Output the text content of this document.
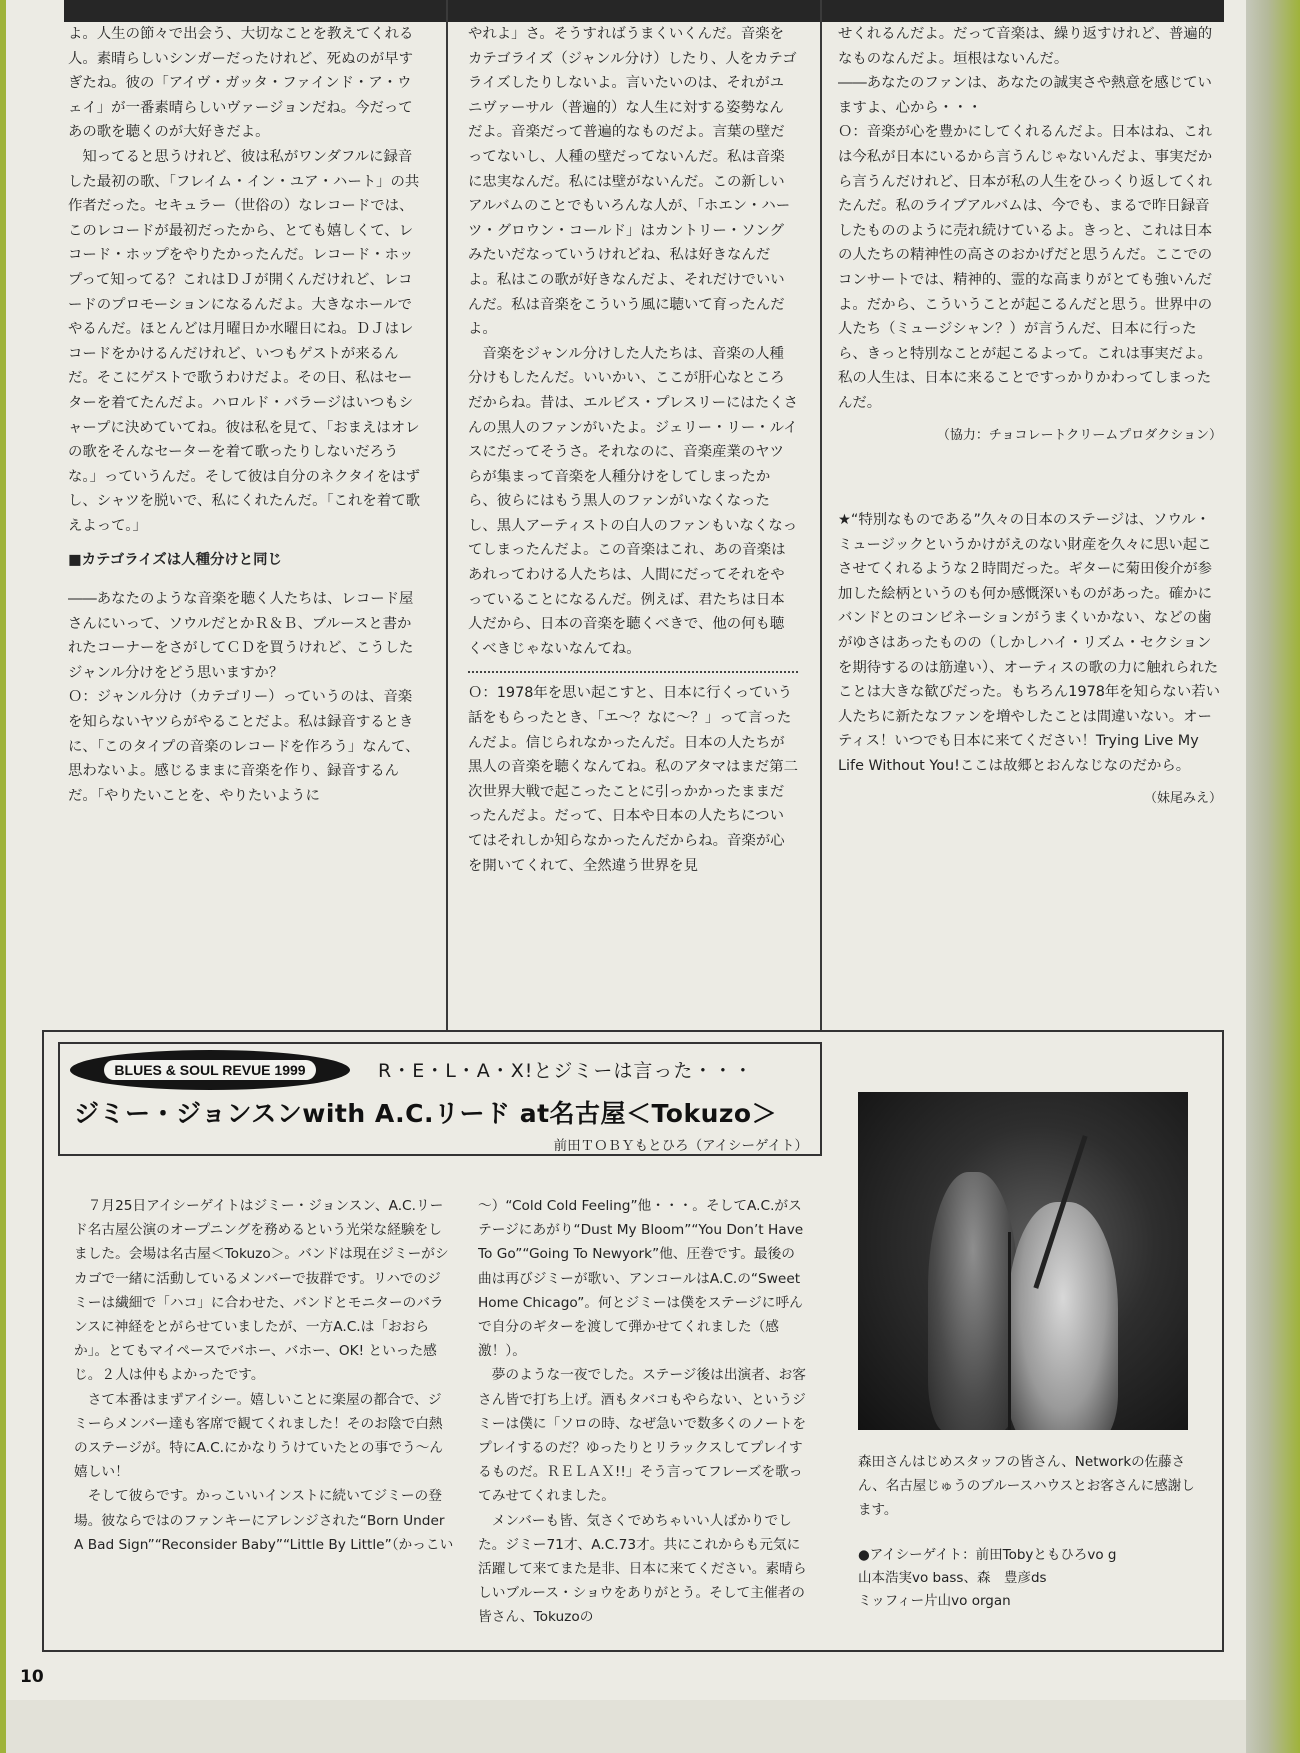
よ。人生の節々で出会う、大切なことを教えてくれる人。素晴らしいシンガーだったけれど、死ぬのが早すぎたね。彼の「アイヴ・ガッタ・ファインド・ア・ウェイ」が一番素晴らしいヴァージョンだね。今だってあの歌を聴くのが大好きだよ。

知ってると思うけれど、彼は私がワンダフルに録音した最初の歌、「フレイム・イン・ユア・ハート」の共作者だった。セキュラー（世俗の）なレコードでは、このレコードが最初だったから、とても嬉しくて、レコード・ホップをやりたかったんだ。レコード・ホップって知ってる？これはＤＪが開くんだけれど、レコードのプロモーションになるんだよ。大きなホールでやるんだ。ほとんどは月曜日か水曜日にね。ＤＪはレコードをかけるんだけれど、いつもゲストが来るんだ。そこにゲストで歌うわけだよ。その日、私はセーターを着てたんだよ。ハロルド・バラージはいつもシャープに決めていてね。彼は私を見て、「おまえはオレの歌をそんなセーターを着て歌ったりしないだろうな。」っていうんだ。そして彼は自分のネクタイをはずし、シャツを脱いで、私にくれたんだ。「これを着て歌えよって。」

■カテゴライズは人種分けと同じ

――あなたのような音楽を聴く人たちは、レコード屋さんにいって、ソウルだとかＲ＆Ｂ、ブルースと書かれたコーナーをさがしてＣＤを買うけれど、こうしたジャンル分けをどう思いますか？

Ｏ：ジャンル分け（カテゴリー）っていうのは、音楽を知らないヤツらがやることだよ。私は録音するときに、「このタイプの音楽のレコードを作ろう」なんて、思わないよ。感じるままに音楽を作り、録音するんだ。「やりたいことを、やりたいように

やれよ」さ。そうすればうまくいくんだ。音楽をカテゴライズ（ジャンル分け）したり、人をカテゴライズしたりしないよ。言いたいのは、それがユニヴァーサル（普遍的）な人生に対する姿勢なんだよ。音楽だって普遍的なものだよ。言葉の壁だってないし、人種の壁だってないんだ。私は音楽に忠実なんだ。私には壁がないんだ。この新しいアルバムのことでもいろんな人が、「ホエン・ハーツ・グロウン・コールド」はカントリー・ソングみたいだなっていうけれどね、私は好きなんだよ。私はこの歌が好きなんだよ、それだけでいいんだ。私は音楽をこういう風に聴いて育ったんだよ。

音楽をジャンル分けした人たちは、音楽の人種分けもしたんだ。いいかい、ここが肝心なところだからね。昔は、エルビス・プレスリーにはたくさんの黒人のファンがいたよ。ジェリー・リー・ルイスにだってそうさ。それなのに、音楽産業のヤツらが集まって音楽を人種分けをしてしまったから、彼らにはもう黒人のファンがいなくなったし、黒人アーティストの白人のファンもいなくなってしまったんだよ。この音楽はこれ、あの音楽はあれってわける人たちは、人間にだってそれをやっていることになるんだ。例えば、君たちは日本人だから、日本の音楽を聴くべきで、他の何も聴くべきじゃないなんてね。

Ｏ：1978年を思い起こすと、日本に行くっていう話をもらったとき、「エ～？なに～？」って言ったんだよ。信じられなかったんだ。日本の人たちが黒人の音楽を聴くなんてね。私のアタマはまだ第二次世界大戦で起こったことに引っかかったままだったんだよ。だって、日本や日本の人たちについてはそれしか知らなかったんだからね。音楽が心を開いてくれて、全然違う世界を見

せくれるんだよ。だって音楽は、繰り返すけれど、普遍的なものなんだよ。垣根はないんだ。

――あなたのファンは、あなたの誠実さや熱意を感じていますよ、心から・・・

Ｏ：音楽が心を豊かにしてくれるんだよ。日本はね、これは今私が日本にいるから言うんじゃないんだよ、事実だから言うんだけれど、日本が私の人生をひっくり返してくれたんだ。私のライブアルバムは、今でも、まるで昨日録音したもののように売れ続けているよ。きっと、これは日本の人たちの精神性の高さのおかげだと思うんだ。ここでのコンサートでは、精神的、霊的な高まりがとても強いんだよ。だから、こういうことが起こるんだと思う。世界中の人たち（ミュージシャン？）が言うんだ、日本に行ったら、きっと特別なことが起こるよって。これは事実だよ。私の人生は、日本に来ることですっかりかわってしまったんだ。

（協力：チョコレートクリームプロダクション）

★“特別なものである”久々の日本のステージは、ソウル・ミュージックというかけがえのない財産を久々に思い起こさせてくれるような２時間だった。ギターに菊田俊介が参加した絵柄というのも何か感慨深いものがあった。確かにバンドとのコンビネーションがうまくいかない、などの歯がゆさはあったものの（しかしハイ・リズム・セクションを期待するのは筋違い）、オーティスの歌の力に触れられたことは大きな歓びだった。もちろん1978年を知らない若い人たちに新たなファンを増やしたことは間違いない。オーティス！いつでも日本に来てください！Trying Live My Life Without You!ここは故郷とおんなじなのだから。

（妹尾みえ）

BLUES & SOUL REVUE 1999	R・E・L・A・X!とジミーは言った・・・
ジミー・ジョンスンwith A.C.リード at名古屋＜Tokuzo＞
前田ＴＯＢＹもとひろ（アイシーゲイト）

７月25日アイシーゲイトはジミー・ジョンスン、A.C.リード名古屋公演のオープニングを務めるという光栄な経験をしました。会場は名古屋＜Tokuzo＞。バンドは現在ジミーがシカゴで一緒に活動しているメンバーで抜群です。リハでのジミーは繊細で「ハコ」に合わせた、バンドとモニターのバランスに神経をとがらせていましたが、一方A.C.は「おおらか」。とてもマイペースでバホー、バホー、OK! といった感じ。２人は仲もよかったです。

さて本番はまずアイシー。嬉しいことに楽屋の都合で、ジミーらメンバー達も客席で観てくれました！そのお陰で白熱のステージが。特にA.C.にかなりうけていたとの事でう～ん嬉しい！

そして彼らです。かっこいいインストに続いてジミーの登場。彼ならではのファンキーにアレンジされた“Born Under A Bad Sign”“Reconsider Baby”“Little By Little”（かっこい

～）“Cold Cold Feeling”他・・・。そしてA.C.がステージにあがり“Dust My Bloom”“You Don’t Have To Go”“Going To Newyork”他、圧巻です。最後の曲は再びジミーが歌い、アンコールはA.C.の“Sweet Home Chicago”。何とジミーは僕をステージに呼んで自分のギターを渡して弾かせてくれました（感激！）。

夢のような一夜でした。ステージ後は出演者、お客さん皆で打ち上げ。酒もタバコもやらない、というジミーは僕に「ソロの時、なぜ急いで数多くのノートをプレイするのだ？ゆったりとリラックスしてプレイするものだ。ＲＥＬＡＸ!!」そう言ってフレーズを歌ってみせてくれました。

メンバーも皆、気さくでめちゃいい人ばかりでした。ジミー71才、A.C.73才。共にこれからも元気に活躍して来てまた是非、日本に来てください。素晴らしいブルース・ショウをありがとう。そして主催者の皆さん、Tokuzoの

森田さんはじめスタッフの皆さん、Networkの佐藤さん、名古屋じゅうのブルースハウスとお客さんに感謝します。
●アイシーゲイト：前田Tobyともひろvo g
山本浩実vo bass、森　豊彦ds
ミッフィー片山vo organ
10
